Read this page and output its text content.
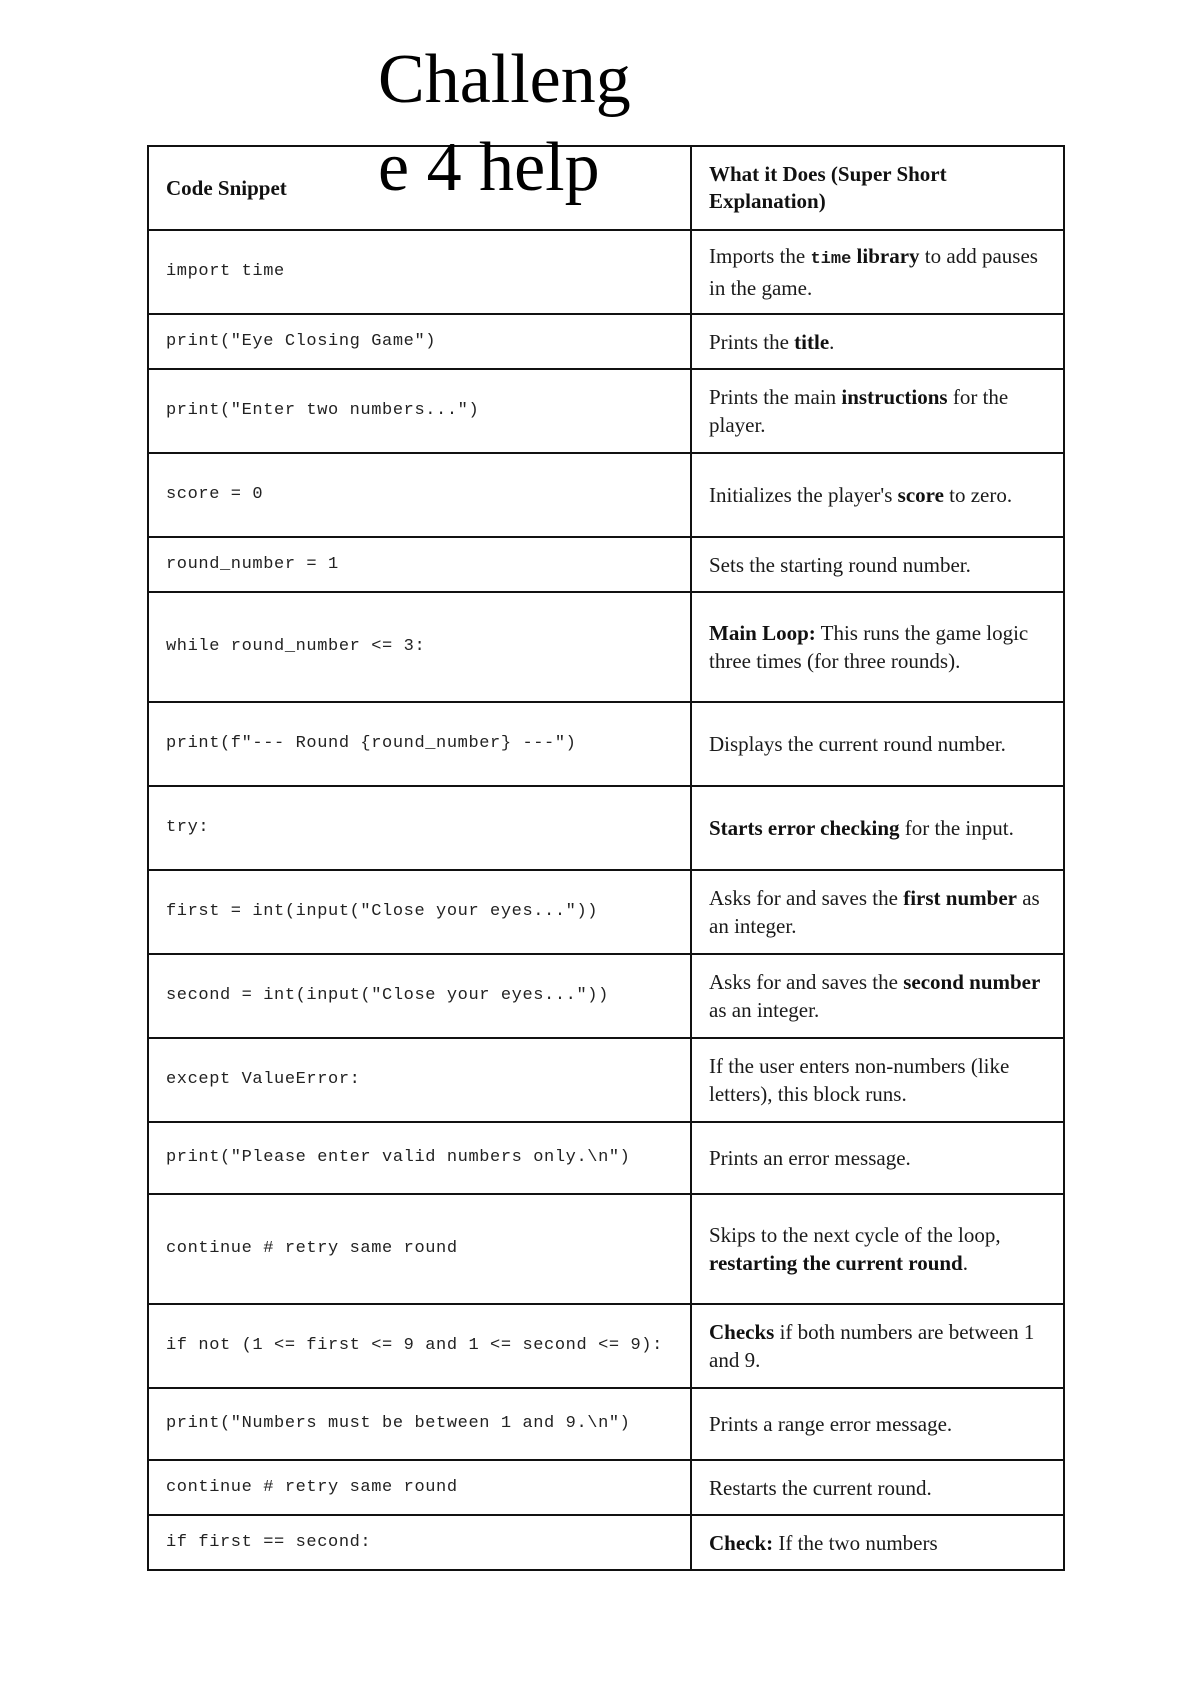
Challenge 4 help
Code Snippet	What it Does (Super Short Explanation)
import time	Imports the time library to add pauses in the game.
print("Eye Closing Game")	Prints the title.
print("Enter two numbers...")	Prints the main instructions for the player.
score = 0	Initializes the player's score to zero.
round_number = 1	Sets the starting round number.
while round_number <= 3:	Main Loop: This runs the game logic three times (for three rounds).
print(f"--- Round {round_number} ---")	Displays the current round number.
try:	Starts error checking for the input.
first = int(input("Close your eyes..."))	Asks for and saves the first number as an integer.
second = int(input("Close your eyes..."))	Asks for and saves the second number as an integer.
except ValueError:	If the user enters non-numbers (like letters), this block runs.
print("Please enter valid numbers only.\n")	Prints an error message.
continue # retry same round	Skips to the next cycle of the loop, restarting the current round.
if not (1 <= first <= 9 and 1 <= second <= 9):	Checks if both numbers are between 1 and 9.
print("Numbers must be between 1 and 9.\n")	Prints a range error message.
continue # retry same round	Restarts the current round.
if first == second:	Check: If the two numbers
